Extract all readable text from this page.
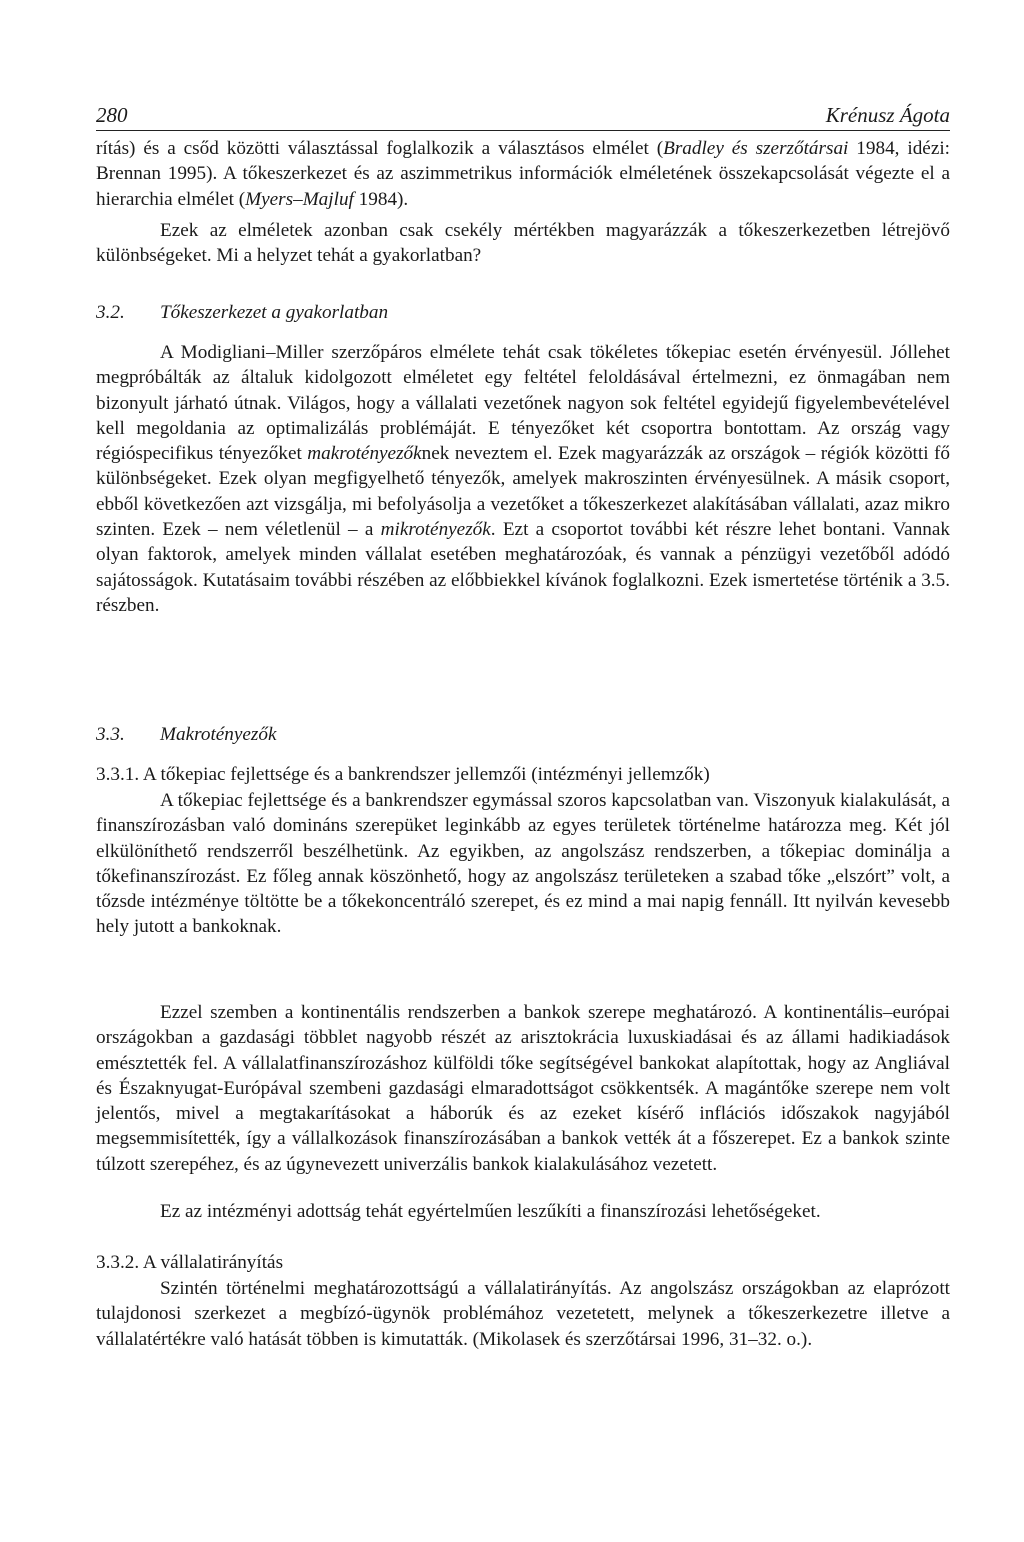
280	Krénusz Ágota

rítás) és a csőd közötti választással foglalkozik a választásos elmélet (Bradley és szerzőtársai 1984, idézi: Brennan 1995). A tőkeszerkezet és az aszimmetrikus információk elméletének összekapcsolását végezte el a hierarchia elmélet (Myers–Majluf 1984).

Ezek az elméletek azonban csak csekély mértékben magyarázzák a tőkeszerkezetben létrejövő különbségeket. Mi a helyzet tehát a gyakorlatban?

3.2. Tőkeszerkezet a gyakorlatban

A Modigliani–Miller szerzőpáros elmélete tehát csak tökéletes tőkepiac esetén érvényesül. Jóllehet megpróbálták az általuk kidolgozott elméletet egy feltétel feloldásával értelmezni, ez önmagában nem bizonyult járható útnak. Világos, hogy a vállalati vezetőnek nagyon sok feltétel egyidejű figyelembevételével kell megoldania az optimalizálás problémáját. E tényezőket két csoportra bontottam. Az ország vagy régióspecifikus tényezőket makrotényezőknek neveztem el. Ezek magyarázzák az országok – régiók közötti fő különbségeket. Ezek olyan megfigyelhető tényezők, amelyek makroszinten érvényesülnek. A másik csoport, ebből következően azt vizsgálja, mi befolyásolja a vezetőket a tőkeszerkezet alakításában vállalati, azaz mikro szinten. Ezek – nem véletlenül – a mikrotényezők. Ezt a csoportot további két részre lehet bontani. Vannak olyan faktorok, amelyek minden vállalat esetében meghatározóak, és vannak a pénzügyi vezetőből adódó sajátosságok. Kutatásaim további részében az előbbiekkel kívánok foglalkozni. Ezek ismertetése történik a 3.5. részben.

3.3. Makrotényezők
3.3.1. A tőkepiac fejlettsége és a bankrendszer jellemzői (intézményi jellemzők)

A tőkepiac fejlettsége és a bankrendszer egymással szoros kapcsolatban van. Viszonyuk kialakulását, a finanszírozásban való domináns szerepüket leginkább az egyes területek történelme határozza meg. Két jól elkülöníthető rendszerről beszélhetünk. Az egyikben, az angolszász rendszerben, a tőkepiac dominálja a tőkefinanszírozást. Ez főleg annak köszönhető, hogy az angolszász területeken a szabad tőke „elszórt” volt, a tőzsde intézménye töltötte be a tőkekoncentráló szerepet, és ez mind a mai napig fennáll. Itt nyilván kevesebb hely jutott a bankoknak.

Ezzel szemben a kontinentális rendszerben a bankok szerepe meghatározó. A kontinentális–európai országokban a gazdasági többlet nagyobb részét az arisztokrácia luxuskiadásai és az állami hadikiadások emésztették fel. A vállalatfinanszírozáshoz külföldi tőke segítségével bankokat alapítottak, hogy az Angliával és Északnyugat-Európával szembeni gazdasági elmaradottságot csökkentsék. A magántőke szerepe nem volt jelentős, mivel a megtakarításokat a háborúk és az ezeket kísérő inflációs időszakok nagyjából megsemmisítették, így a vállalkozások finanszírozásában a bankok vették át a főszerepet. Ez a bankok szinte túlzott szerepéhez, és az úgynevezett univerzális bankok kialakulásához vezetett.

Ez az intézményi adottság tehát egyértelműen leszűkíti a finanszírozási lehetőségeket.

3.3.2. A vállalatirányítás

Szintén történelmi meghatározottságú a vállalatirányítás. Az angolszász országokban az elaprózott tulajdonosi szerkezet a megbízó-ügynök problémához vezetetett, melynek a tőkeszerkezetre illetve a vállalatértékre való hatását többen is kimutatták. (Mikolasek és szerzőtársai 1996, 31–32. o.).
